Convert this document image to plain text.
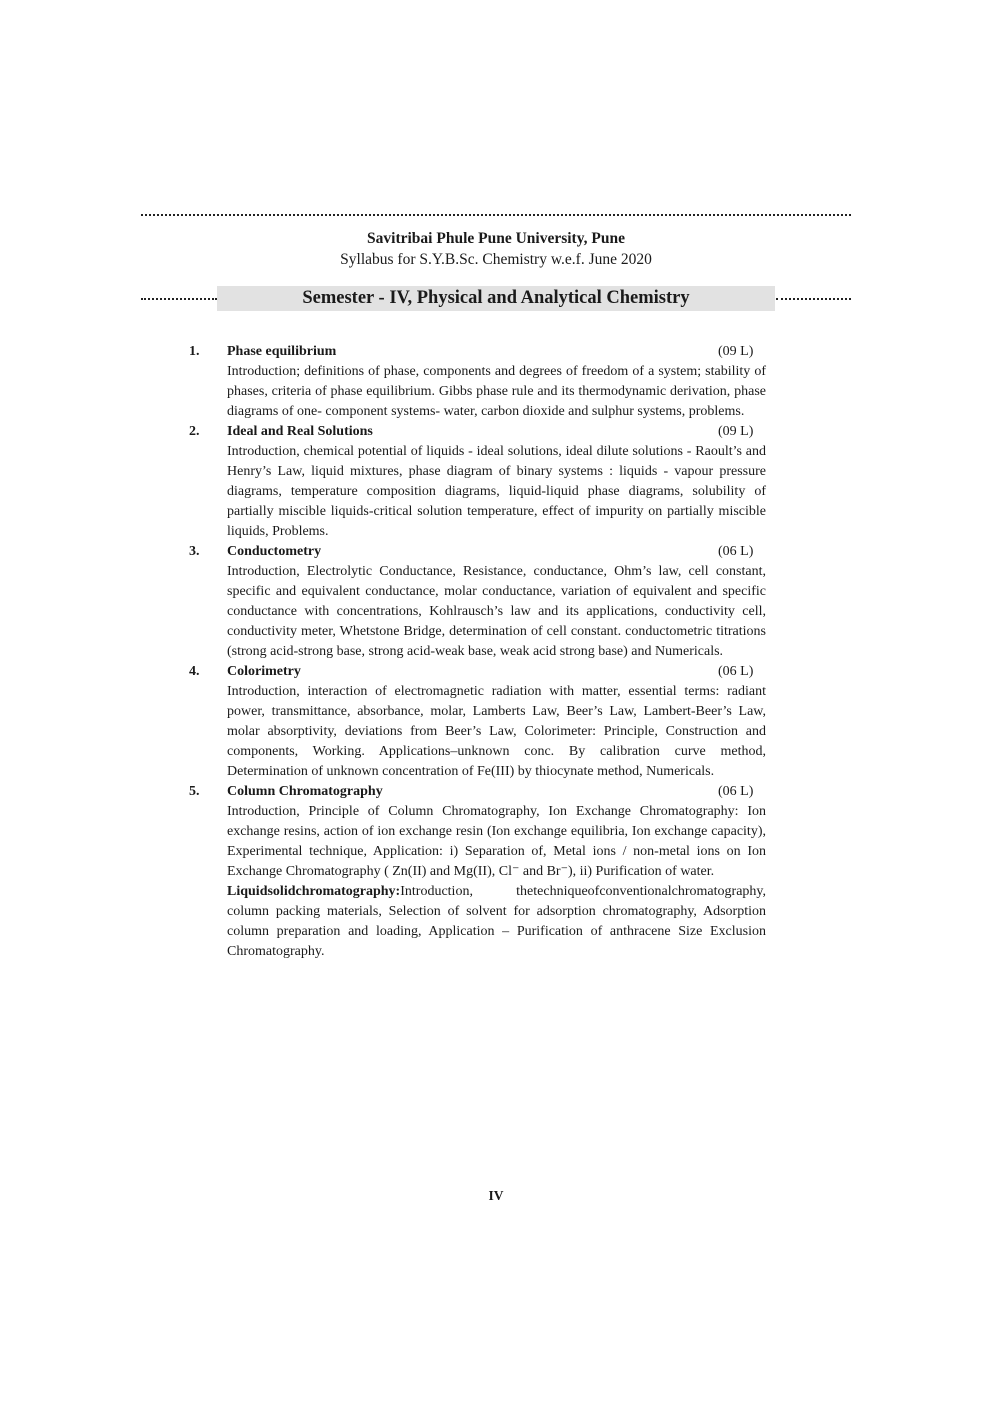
Savitribai Phule Pune University, Pune
Syllabus for S.Y.B.Sc. Chemistry w.e.f. June 2020
Semester - IV, Physical and Analytical Chemistry
1. Phase equilibrium	(09 L)

Introduction; definitions of phase, components and degrees of freedom of a system; stability of phases, criteria of phase equilibrium. Gibbs phase rule and its thermodynamic derivation, phase diagrams of one- component systems- water, carbon dioxide and sulphur systems, problems.

2. Ideal and Real Solutions	(09 L)

Introduction, chemical potential of liquids - ideal solutions, ideal dilute solutions - Raoult’s and Henry’s Law, liquid mixtures, phase diagram of binary systems : liquids - vapour pressure diagrams, temperature composition diagrams, liquid-liquid phase diagrams, solubility of partially miscible liquids-critical solution temperature, effect of impurity on partially miscible liquids, Problems.

3. Conductometry	(06 L)

Introduction, Electrolytic Conductance, Resistance, conductance, Ohm’s law, cell constant, specific and equivalent conductance, molar conductance, variation of equivalent and specific conductance with concentrations, Kohlrausch’s law and its applications, conductivity cell, conductivity meter, Whetstone Bridge, determination of cell constant. conductometric titrations (strong acid-strong base, strong acid-weak base, weak acid strong base) and Numericals.

4. Colorimetry	(06 L)

Introduction, interaction of electromagnetic radiation with matter, essential terms: radiant power, transmittance, absorbance, molar, Lamberts Law, Beer’s Law, Lambert-Beer’s Law, molar absorptivity, deviations from Beer’s Law, Colorimeter: Principle, Construction and components, Working. Applications–unknown conc. By calibration curve method, Determination of unknown concentration of Fe(III) by thiocynate method, Numericals.

5. Column Chromatography	(06 L)

Introduction, Principle of Column Chromatography, Ion Exchange Chromatography: Ion exchange resins, action of ion exchange resin (Ion exchange equilibria, Ion exchange capacity), Experimental technique, Application: i) Separation of, Metal ions / non-metal ions on Ion Exchange Chromatography ( Zn(II) and Mg(II), Cl⁻ and Br⁻), ii) Purification of water.

Liquidsolidchromatography:Introduction, thetechniqueofconventionalchromatography, column packing materials, Selection of solvent for adsorption chromatography, Adsorption column preparation and loading, Application – Purification of anthracene Size Exclusion Chromatography.

IV
